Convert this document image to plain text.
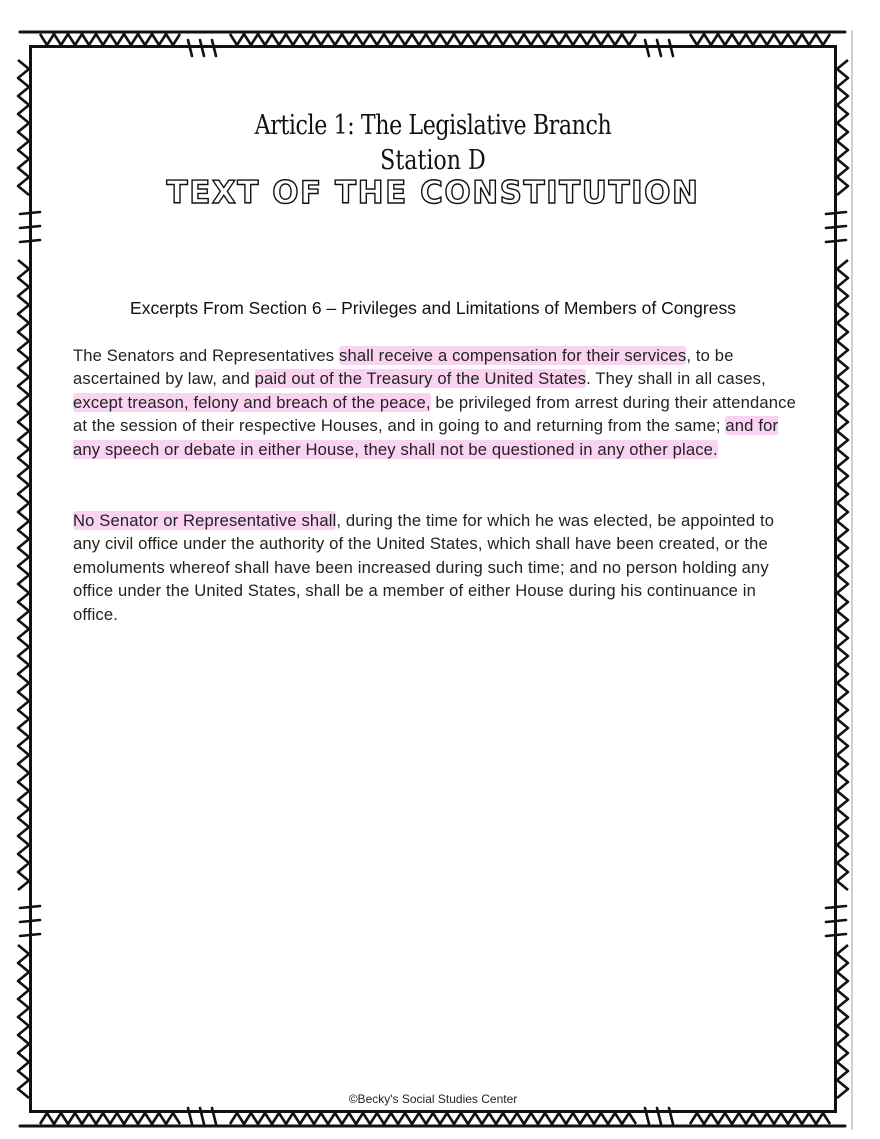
Article 1: The Legislative Branch
Station D
TEXT OF THE CONSTITUTION
Excerpts From Section 6 – Privileges and Limitations of Members of Congress

The Senators and Representatives shall receive a compensation for their services, to be ascertained by law, and paid out of the Treasury of the United States. They shall in all cases, except treason, felony and breach of the peace, be privileged from arrest during their attendance at the session of their respective Houses, and in going to and returning from the same; and for any speech or debate in either House, they shall not be questioned in any other place.

No Senator or Representative shall, during the time for which he was elected, be appointed to any civil office under the authority of the United States, which shall have been created, or the emoluments whereof shall have been increased during such time; and no person holding any office under the United States, shall be a member of either House during his continuance in office.

©Becky's Social Studies Center
